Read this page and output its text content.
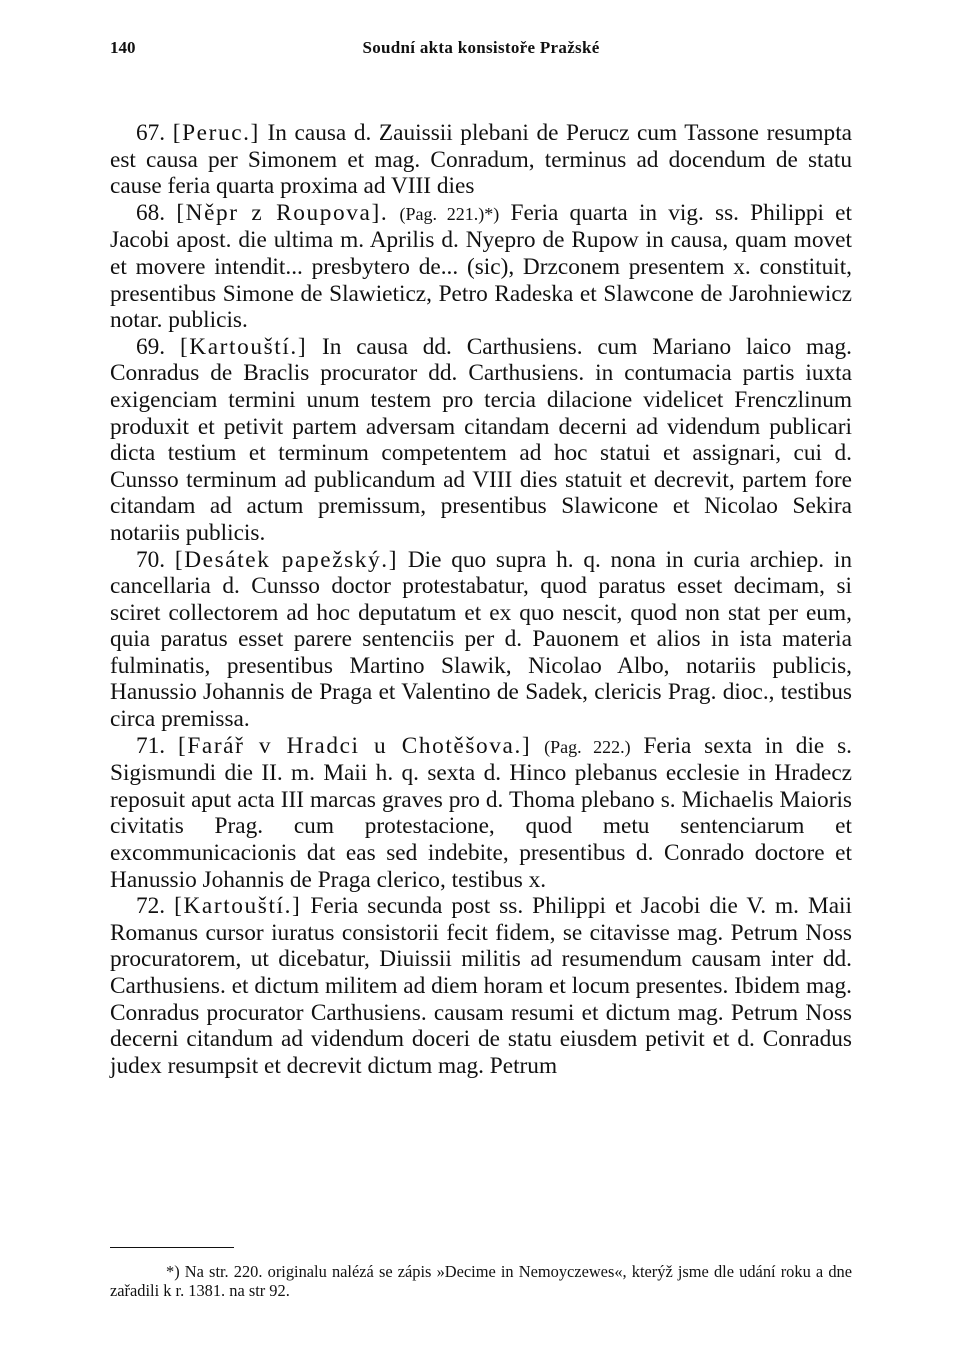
140	Soudní akta konsistoře Pražské

67. [Peruc.] In causa d. Zauissii plebani de Perucz cum Tassone resumpta est causa per Simonem et mag. Conradum, terminus ad docendum de statu cause feria quarta proxima ad VIII dies

68. [Něpr z Roupova]. (Pag. 221.)*) Feria quarta in vig. ss. Philippi et Jacobi apost. die ultima m. Aprilis d. Nyepro de Rupow in causa, quam movet et movere intendit... presbytero de... (sic), Drzconem presentem x. constituit, presentibus Simone de Slawieticz, Petro Radeska et Slawcone de Jarohniewicz notar. publicis.

69. [Kartouští.] In causa dd. Carthusiens. cum Mariano laico mag. Conradus de Braclis procurator dd. Carthusiens. in contumacia partis iuxta exigenciam termini unum testem pro tercia dilacione videlicet Frenczlinum produxit et petivit partem adversam citandam decerni ad videndum publicari dicta testium et terminum competentem ad hoc statui et assignari, cui d. Cunsso terminum ad publicandum ad VIII dies statuit et decrevit, partem fore citandam ad actum premissum, presentibus Slawicone et Nicolao Sekira notariis publicis.

70. [Desátek papežský.] Die quo supra h. q. nona in curia archiep. in cancellaria d. Cunsso doctor protestabatur, quod paratus esset decimam, si sciret collectorem ad hoc deputatum et ex quo nescit, quod non stat per eum, quia paratus esset parere sentenciis per d. Pauonem et alios in ista materia fulminatis, presentibus Martino Slawik, Nicolao Albo, notariis publicis, Hanussio Johannis de Praga et Valentino de Sadek, clericis Prag. dioc., testibus circa premissa.

71. [Farář v Hradci u Chotěšova.] (Pag. 222.) Feria sexta in die s. Sigismundi die II. m. Maii h. q. sexta d. Hinco plebanus ecclesie in Hradecz reposuit aput acta III marcas graves pro d. Thoma plebano s. Michaelis Maioris civitatis Prag. cum protestacione, quod metu sentenciarum et excommunicacionis dat eas sed indebite, presentibus d. Conrado doctore et Hanussio Johannis de Praga clerico, testibus x.

72. [Kartouští.] Feria secunda post ss. Philippi et Jacobi die V. m. Maii Romanus cursor iuratus consistorii fecit fidem, se citavisse mag. Petrum Noss procuratorem, ut dicebatur, Diuissii militis ad resumendum causam inter dd. Carthusiens. et dictum militem ad diem horam et locum presentes. Ibidem mag. Conradus procurator Carthusiens. causam resumi et dictum mag. Petrum Noss decerni citandum ad videndum doceri de statu eiusdem petivit et d. Conradus judex resumpsit et decrevit dictum mag. Petrum

*) Na str. 220. originalu nalézá se zápis »Decime in Nemoyczewes«, kterýž jsme dle udání roku a dne zařadili k r. 1381. na str 92.
